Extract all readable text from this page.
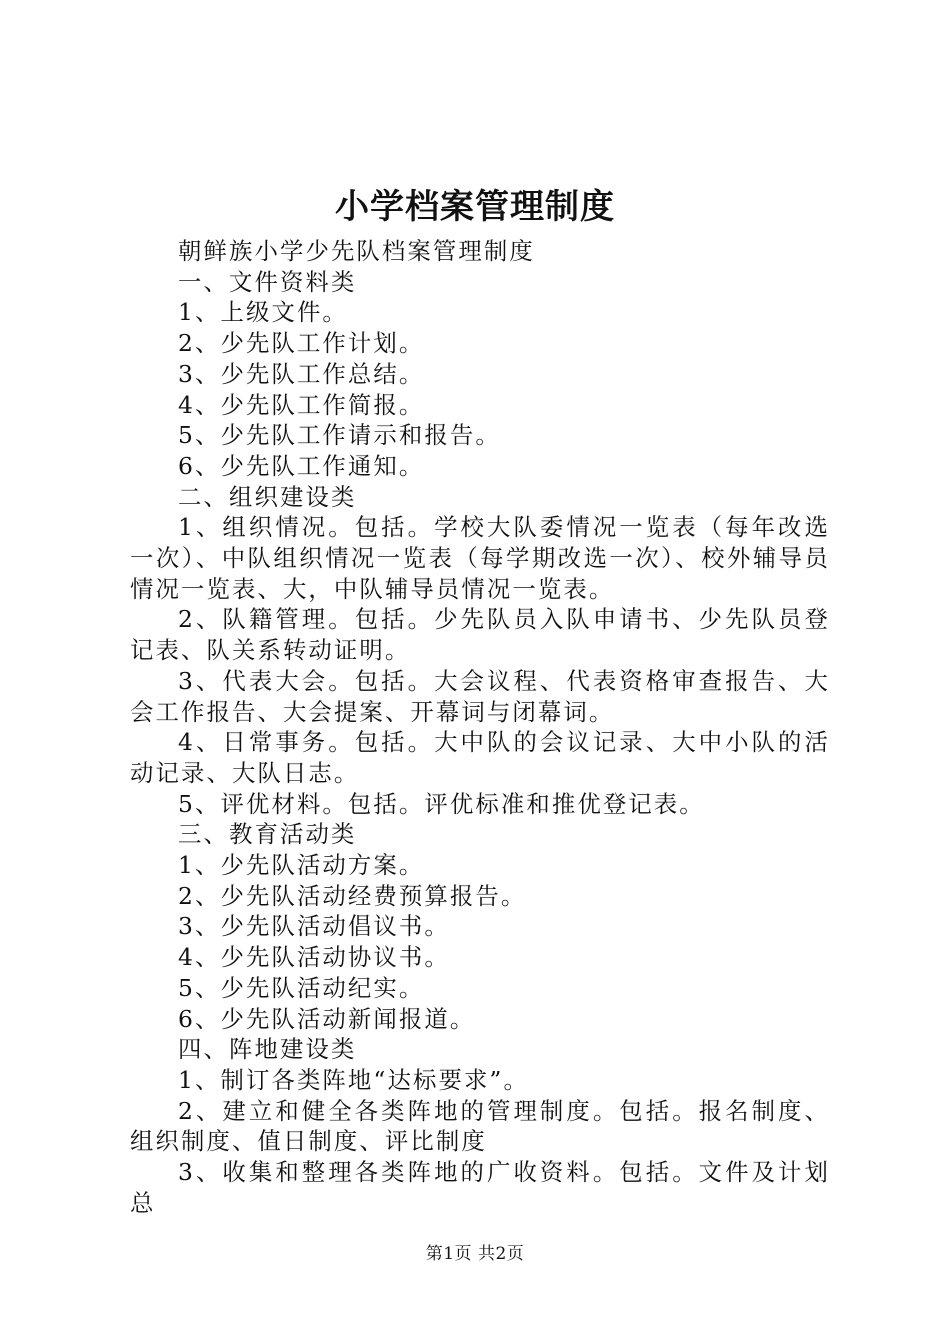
小学档案管理制度

朝鲜族小学少先队档案管理制度

一、文件资料类

1、上级文件。

2、少先队工作计划。

3、少先队工作总结。

4、少先队工作简报。

5、少先队工作请示和报告。

6、少先队工作通知。

二、组织建设类

1、组织情况。包括。学校大队委情况一览表（每年改选一次）、中队组织情况一览表（每学期改选一次）、校外辅导员情况一览表、大，中队辅导员情况一览表。

2、队籍管理。包括。少先队员入队申请书、少先队员登记表、队关系转动证明。

3、代表大会。包括。大会议程、代表资格审查报告、大会工作报告、大会提案、开幕词与闭幕词。

4、日常事务。包括。大中队的会议记录、大中小队的活动记录、大队日志。

5、评优材料。包括。评优标准和推优登记表。

三、教育活动类

1、少先队活动方案。

2、少先队活动经费预算报告。

3、少先队活动倡议书。

4、少先队活动协议书。

5、少先队活动纪实。

6、少先队活动新闻报道。

四、阵地建设类

1、制订各类阵地“达标要求”。

2、建立和健全各类阵地的管理制度。包括。报名制度、组织制度、值日制度、评比制度

3、收集和整理各类阵地的广收资料。包括。文件及计划总

第1页 共2页
